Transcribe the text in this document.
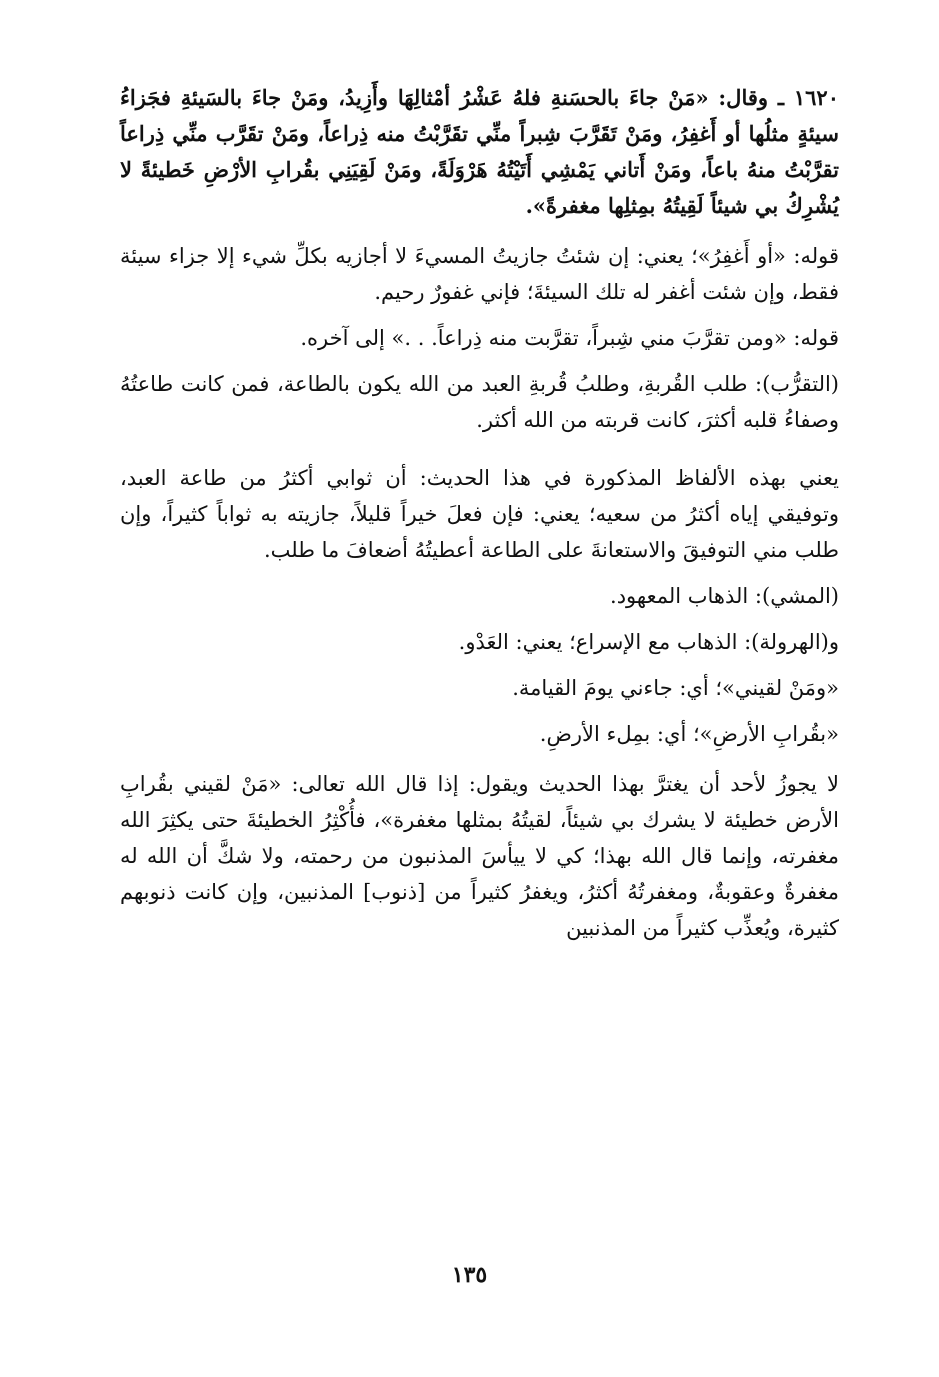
١٦٢٠ ـ وقال: «مَنْ جاءَ بالحسَنةِ فلهُ عَشْرُ أمْثالِهَا وأَزِيدُ، ومَنْ جاءَ بالسَيئةِ فجَزاءُ سيئةٍ مثلُها أو أَغفِرُ، ومَنْ تَقَرَّبَ شِبراً منِّي تقَرَّبْتُ منه ذِراعاً، ومَنْ تقَرَّب منِّي ذِراعاً تقرَّبْتُ منهُ باعاً، ومَنْ أَتاني يَمْشِي أَتَيْتُهُ هَرْوَلَةً، ومَنْ لَقِيَنِي بقُرابِ الأرْضِ خَطيئةً لا يُشْرِكُ بي شيئاً لَقِيتُهُ بمِثلِها مغفرةً».

قوله: «أو أَغفِرُ»؛ يعني: إن شئتُ جازيتُ المسيءَ لا أجازيه بكلِّ شيء إلا جزاء سيئة فقط، وإن شئت أغفر له تلك السيئةَ؛ فإني غفورٌ رحيم.

قوله: «ومن تقرَّبَ مني شِبراً، تقرَّبت منه ذِراعاً. . .» إلى آخره.

(التقرُّب): طلب القُربةِ، وطلبُ قُربةِ العبد من الله يكون بالطاعة، فمن كانت طاعتُهُ وصفاءُ قلبه أكثرَ، كانت قربته من الله أكثر.

يعني بهذه الألفاظ المذكورة في هذا الحديث: أن ثوابي أكثرُ من طاعة العبد، وتوفيقي إياه أكثرُ من سعيه؛ يعني: فإن فعلَ خيراً قليلاً، جازيته به ثواباً كثيراً، وإن طلب مني التوفيقَ والاستعانةَ على الطاعة أعطيتُهُ أضعافَ ما طلب.

(المشي): الذهاب المعهود.

و(الهرولة): الذهاب مع الإسراع؛ يعني: العَدْو.

«ومَنْ لقيني»؛ أي: جاءني يومَ القيامة.

«بقُرابِ الأرضِ»؛ أي: بمِلء الأرضِ.

لا يجوزُ لأحد أن يغترَّ بهذا الحديث ويقول: إذا قال الله تعالى: «مَنْ لقيني بقُرابِ الأرض خطيئة لا يشرك بي شيئاً، لقيتُهُ بمثلها مغفرة»، فأُكْثِرُ الخطيئةَ حتى يكثِرَ الله مغفرته، وإنما قال الله بهذا؛ كي لا ييأسَ المذنبون من رحمته، ولا شكَّ أن الله له مغفرةٌ وعقوبةٌ، ومغفرتُهُ أكثرُ، ويغفرُ كثيراً من [ذنوب] المذنبين، وإن كانت ذنوبهم كثيرة، ويُعذِّب كثيراً من المذنبين

١٣٥
